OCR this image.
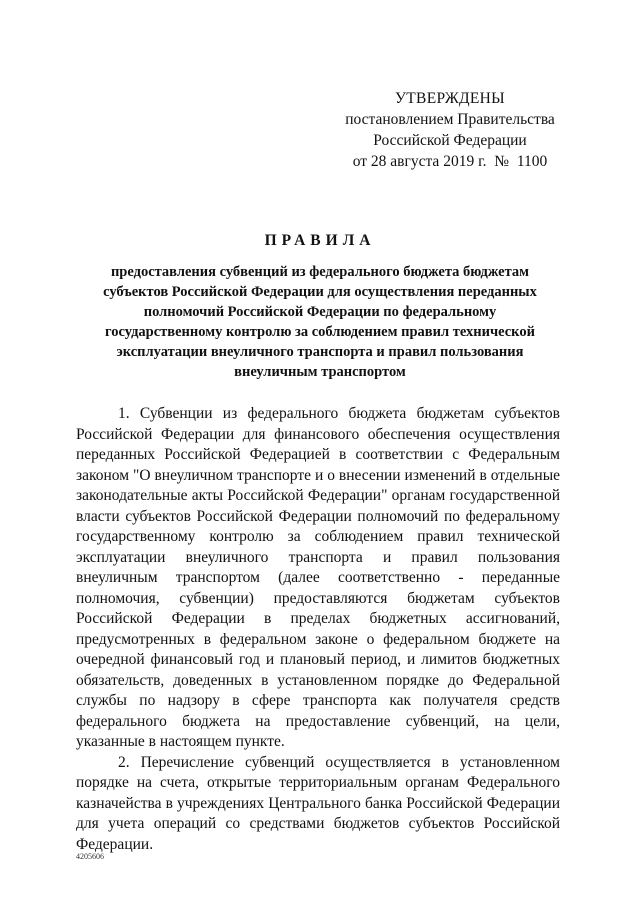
УТВЕРЖДЕНЫ
постановлением Правительства
Российской Федерации
от 28 августа 2019 г.  №  1100
ПРАВИЛА
предоставления субвенций из федерального бюджета бюджетам
субъектов Российской Федерации для осуществления переданных
полномочий Российской Федерации по федеральному
государственному контролю за соблюдением правил технической
эксплуатации внеуличного транспорта и правил пользования
внеуличным транспортом

1. Субвенции из федерального бюджета бюджетам субъектов Российской Федерации для финансового обеспечения осуществления переданных Российской Федерацией в соответствии с Федеральным законом "О внеуличном транспорте и о внесении изменений в отдельные законодательные акты Российской Федерации" органам государственной власти субъектов Российской Федерации полномочий по федеральному государственному контролю за соблюдением правил технической эксплуатации внеуличного транспорта и правил пользования внеуличным транспортом (далее соответственно - переданные полномочия, субвенции) предоставляются бюджетам субъектов Российской Федерации в пределах бюджетных ассигнований, предусмотренных в федеральном законе о федеральном бюджете на очередной финансовый год и плановый период, и лимитов бюджетных обязательств, доведенных в установленном порядке до Федеральной службы по надзору в сфере транспорта как получателя средств федерального бюджета на предоставление субвенций, на цели, указанные в настоящем пункте.

2. Перечисление субвенций осуществляется в установленном порядке на счета, открытые территориальным органам Федерального казначейства в учреждениях Центрального банка Российской Федерации для учета операций со средствами бюджетов субъектов Российской Федерации.

4205606
